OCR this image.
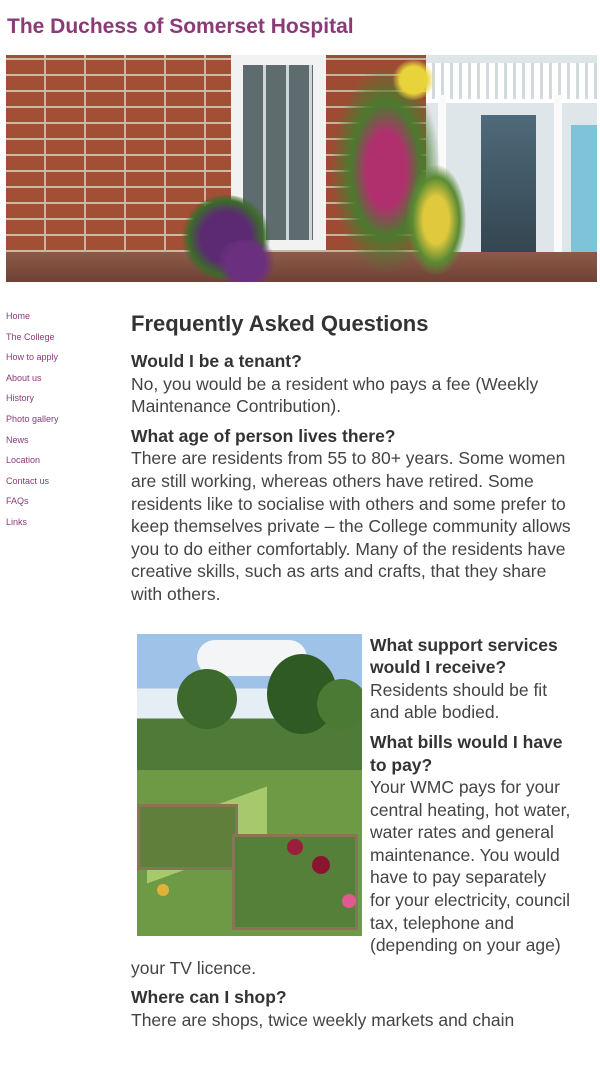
The Duchess of Somerset Hospital
Home
The College
How to apply
About us
History
Photo gallery
News
Location
Contact us
FAQs
Links
Frequently Asked Questions
Would I be a tenant?

No, you would be a resident who pays a fee (Weekly Maintenance Contribution).

What age of person lives there?

There are residents from 55 to 80+ years. Some women are still working, whereas others have retired. Some residents like to socialise with others and some prefer to keep themselves private – the College community allows you to do either comfortably. Many of the residents have creative skills, such as arts and crafts, that they share with others.

What support services would I receive?

Residents should be fit and able bodied.

What bills would I have to pay?

Your WMC pays for your central heating, hot water, water rates and general maintenance. You would have to pay separately for your electricity, council tax, telephone and (depending on your age) your TV licence.

Where can I shop?

There are shops, twice weekly markets and chain
